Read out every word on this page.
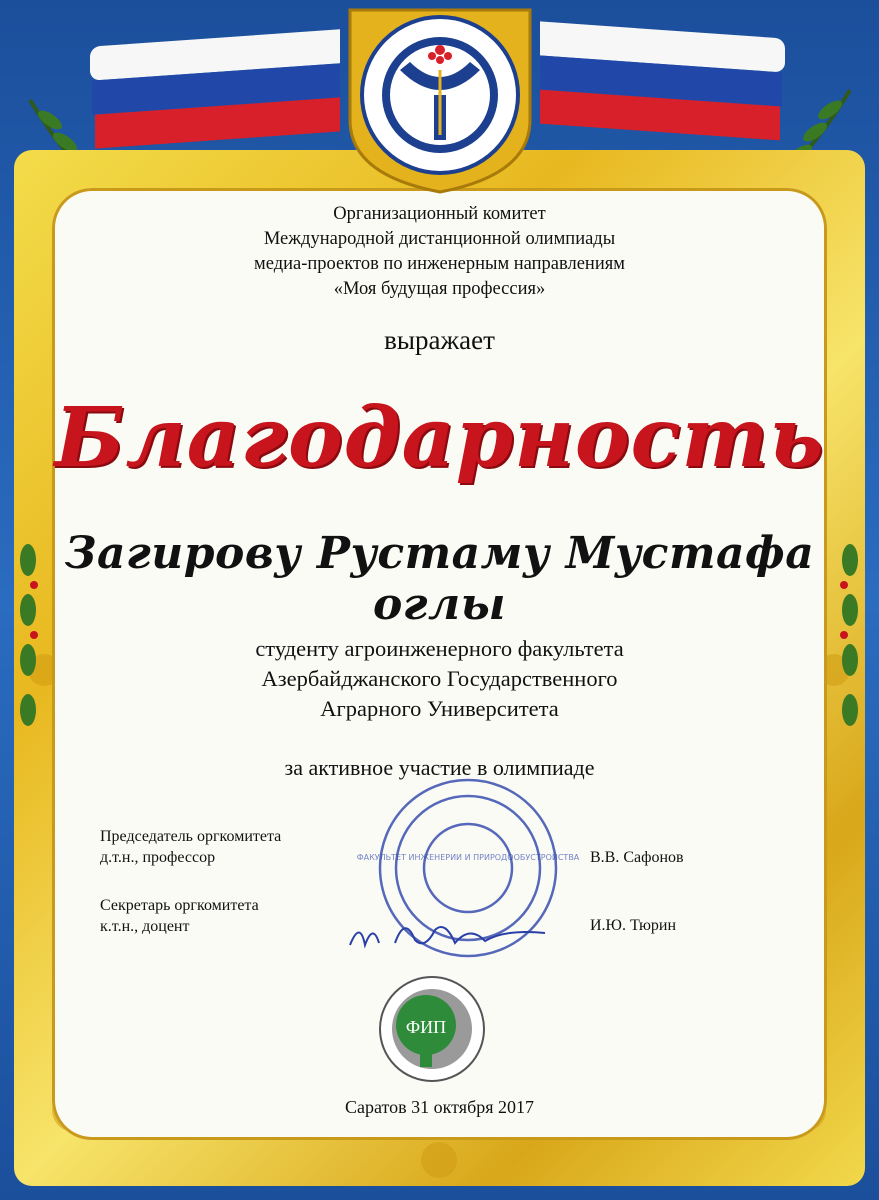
Организационный комитет
Международной дистанционной олимпиады
медиа-проектов по инженерным направлениям
«Моя будущая профессия»
выражает
Благодарность
Загирову Рустаму Мустафа оглы
студенту агроинженерного факультета
Азербайджанского Государственного
Аграрного Университета
за активное участие в олимпиаде
ФАКУЛЬТЕТ ИНЖЕНЕРИИ И ПРИРОДООБУСТРОЙСТВА
Председатель оргкомитета
д.т.н., профессор	В.В. Сафонов
Секретарь оргкомитета
к.т.н., доцент	И.Ю. Тюрин
ФИП
Саратов 31 октября 2017
